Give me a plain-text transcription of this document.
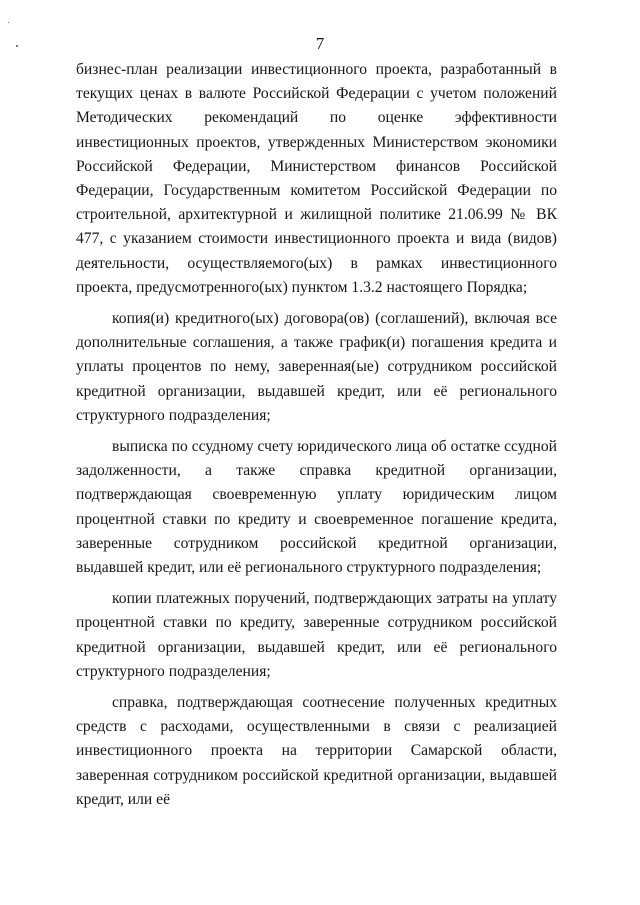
7

бизнес-план реализации инвестиционного проекта, разработанный в текущих ценах в валюте Российской Федерации с учетом положений Методических рекомендаций по оценке эффективности инвестиционных проектов, утвержденных Министерством экономики Российской Федерации, Министерством финансов Российской Федерации, Государственным комитетом Российской Федерации по строительной, архитектурной и жилищной политике 21.06.99 № ВК 477, с указанием стоимости инвестиционного проекта и вида (видов) деятельности, осуществляемого(ых) в рамках инвестиционного проекта, предусмотренного(ых) пунктом 1.3.2 настоящего Порядка;

копия(и) кредитного(ых) договора(ов) (соглашений), включая все дополнительные соглашения, а также график(и) погашения кредита и уплаты процентов по нему, заверенная(ые) сотрудником российской кредитной организации, выдавшей кредит, или её регионального структурного подразделения;

выписка по ссудному счету юридического лица об остатке ссудной задолженности, а также справка кредитной организации, подтверждающая своевременную уплату юридическим лицом процентной ставки по кредиту и своевременное погашение кредита, заверенные сотрудником российской кредитной организации, выдавшей кредит, или её регионального структурного подразделения;

копии платежных поручений, подтверждающих затраты на уплату процентной ставки по кредиту, заверенные сотрудником российской кредитной организации, выдавшей кредит, или её регионального структурного подразделения;

справка, подтверждающая соотнесение полученных кредитных средств с расходами, осуществленными в связи с реализацией инвестиционного проекта на территории Самарской области, заверенная сотрудником российской кредитной организации, выдавшей кредит, или её
